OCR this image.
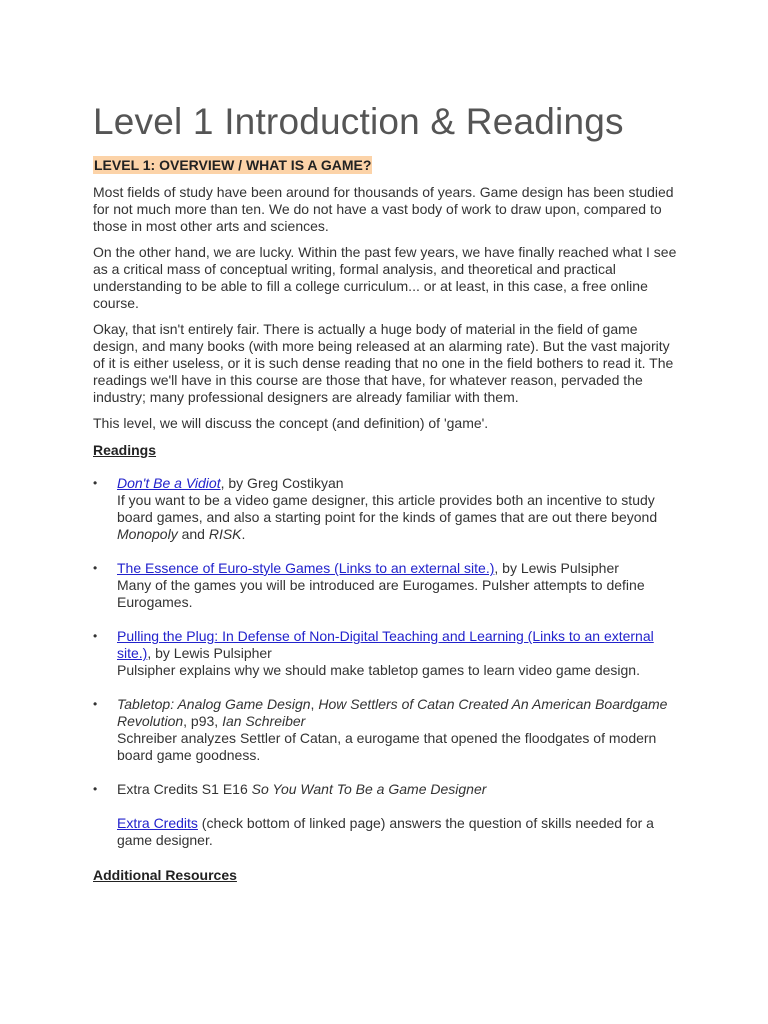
Level 1 Introduction & Readings
LEVEL 1: OVERVIEW / WHAT IS A GAME?

Most fields of study have been around for thousands of years. Game design has been studied for not much more than ten. We do not have a vast body of work to draw upon, compared to those in most other arts and sciences.

On the other hand, we are lucky. Within the past few years, we have finally reached what I see as a critical mass of conceptual writing, formal analysis, and theoretical and practical understanding to be able to fill a college curriculum... or at least, in this case, a free online course.

Okay, that isn't entirely fair. There is actually a huge body of material in the field of game design, and many books (with more being released at an alarming rate). But the vast majority of it is either useless, or it is such dense reading that no one in the field bothers to read it. The readings we'll have in this course are those that have, for whatever reason, pervaded the industry; many professional designers are already familiar with them.

This level, we will discuss the concept (and definition) of 'game'.

Readings
• Don't Be a Vidiot, by Greg Costikyan
If you want to be a video game designer, this article provides both an incentive to study board games, and also a starting point for the kinds of games that are out there beyond Monopoly and RISK.
• The Essence of Euro-style Games (Links to an external site.), by Lewis Pulsipher
Many of the games you will be introduced are Eurogames. Pulsher attempts to define Eurogames.
• Pulling the Plug: In Defense of Non-Digital Teaching and Learning (Links to an external site.), by Lewis Pulsipher
Pulsipher explains why we should make tabletop games to learn video game design.
• Tabletop: Analog Game Design, How Settlers of Catan Created An American Boardgame Revolution, p93, Ian Schreiber
Schreiber analyzes Settler of Catan, a eurogame that opened the floodgates of modern board game goodness.
• Extra Credits S1 E16 So You Want To Be a Game Designer
Extra Credits (check bottom of linked page) answers the question of skills needed for a game designer.
Additional Resources
